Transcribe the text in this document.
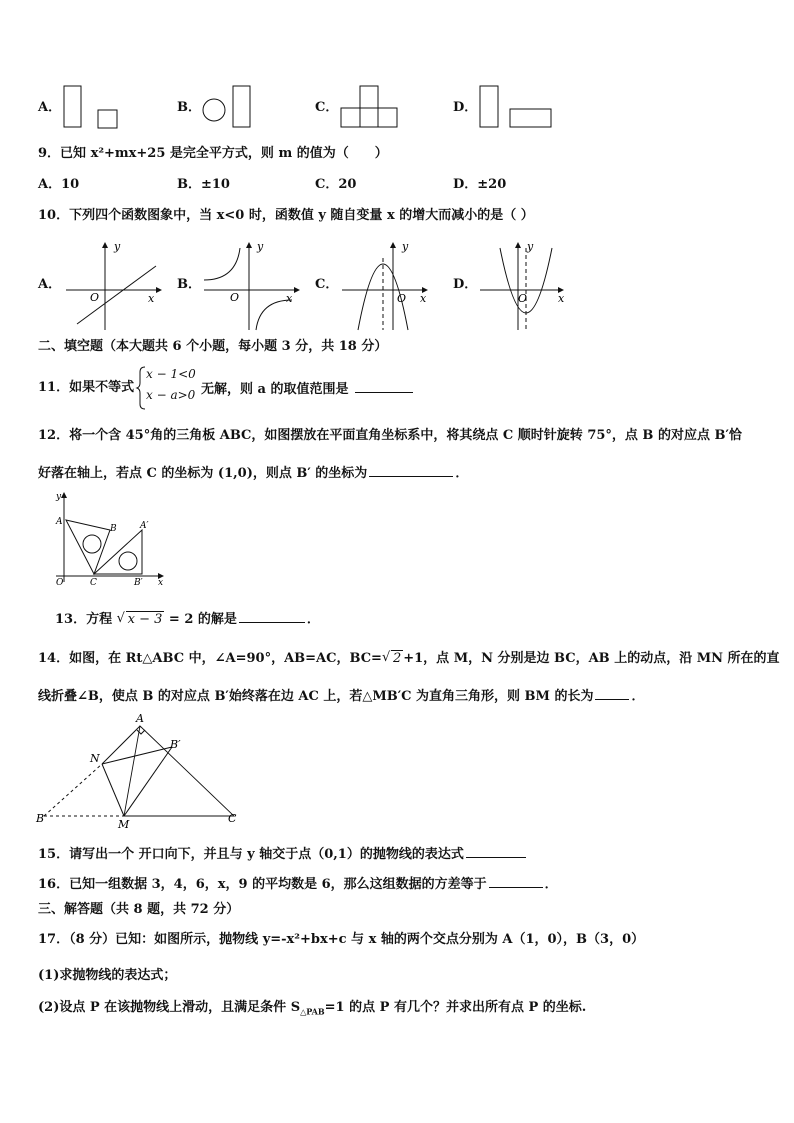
A．	B．	C．	D．
9．已知 x²+mx+25 是完全平方式，则 m 的值为（　　）
A．10	B．±10	C．20	D．±20
10．下列四个函数图象中，当 x<0 时，函数值 y 随自变量 x 的增大而减小的是（ ）
A．
y
x
O
B．
y
x
O
C．
y
x
O
D．
y
x
O
二、填空题（本大题共 6 个小题，每小题 3 分，共 18 分）
11．如果不等式
x − 1<0
x − a>0 无解，则 a 的取值范围是
12．将一个含 45°角的三角板 ABC，如图摆放在平面直角坐标系中，将其绕点 C 顺时针旋转 75°，点 B 的对应点 B′恰
好落在轴上，若点 C 的坐标为 (1,0)，则点 B′ 的坐标为	．
y
x
O
A
B
C
A′
B′
13．方程 √ x − 3 = 2 的解是	．
14．如图，在 Rt△ABC 中，∠A=90°，AB=AC，BC= √ 2 +1，点 M，N 分别是边 BC，AB 上的动点，沿 MN 所在的直
线折叠∠B，使点 B 的对应点 B′始终落在边 AC 上，若△MB′C 为直角三角形，则 BM 的长为	．
A
B	C
M
N
B′
15．请写出一个 开口向下，并且与 y 轴交于点（0,1）的抛物线的表达式
16．已知一组数据 3，4，6，x，9 的平均数是 6，那么这组数据的方差等于	．
三、解答题（共 8 题，共 72 分）
17．（8 分）已知：如图所示，抛物线 y=-x²+bx+c 与 x 轴的两个交点分别为 A（1，0），B（3，0）
(1)求抛物线的表达式；
(2)设点 P 在该抛物线上滑动，且满足条件 $S_{\triangle PAB}=1$ 的点 P 有几个？并求出所有点 P 的坐标.
